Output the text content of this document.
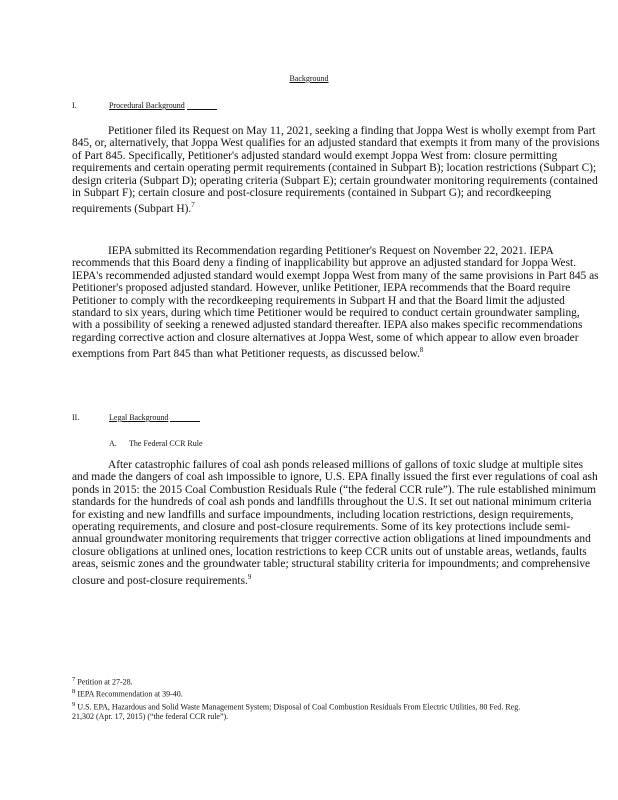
Background
I.	Procedural Background

Petitioner filed its Request on May 11, 2021, seeking a finding that Joppa West is wholly exempt from Part 845, or, alternatively, that Joppa West qualifies for an adjusted standard that exempts it from many of the provisions of Part 845. Specifically, Petitioner's adjusted standard would exempt Joppa West from: closure permitting requirements and certain operating permit requirements (contained in Subpart B); location restrictions (Subpart C); design criteria (Subpart D); operating criteria (Subpart E); certain groundwater monitoring requirements (contained in Subpart F); certain closure and post-closure requirements (contained in Subpart G); and recordkeeping requirements (Subpart H).$^7$

IEPA submitted its Recommendation regarding Petitioner's Request on November 22, 2021. IEPA recommends that this Board deny a finding of inapplicability but approve an adjusted standard for Joppa West. IEPA's recommended adjusted standard would exempt Joppa West from many of the same provisions in Part 845 as Petitioner's proposed adjusted standard. However, unlike Petitioner, IEPA recommends that the Board require Petitioner to comply with the recordkeeping requirements in Subpart H and that the Board limit the adjusted standard to six years, during which time Petitioner would be required to conduct certain groundwater sampling, with a possibility of seeking a renewed adjusted standard thereafter. IEPA also makes specific recommendations regarding corrective action and closure alternatives at Joppa West, some of which appear to allow even broader exemptions from Part 845 than what Petitioner requests, as discussed below.$^8$

II.	Legal Background
A. The Federal CCR Rule

After catastrophic failures of coal ash ponds released millions of gallons of toxic sludge at multiple sites and made the dangers of coal ash impossible to ignore, U.S. EPA finally issued the first ever regulations of coal ash ponds in 2015: the 2015 Coal Combustion Residuals Rule (“the federal CCR rule”). The rule established minimum standards for the hundreds of coal ash ponds and landfills throughout the U.S. It set out national minimum criteria for existing and new landfills and surface impoundments, including location restrictions, design requirements, operating requirements, and closure and post-closure requirements. Some of its key protections include semi-annual groundwater monitoring requirements that trigger corrective action obligations at lined impoundments and closure obligations at unlined ones, location restrictions to keep CCR units out of unstable areas, wetlands, faults areas, seismic zones and the groundwater table; structural stability criteria for impoundments; and comprehensive closure and post-closure requirements.$^9$

$^7$ Petition at 27-28.

$^8$ IEPA Recommendation at 39-40.

$^9$ U.S. EPA, Hazardous and Solid Waste Management System; Disposal of Coal Combustion Residuals From Electric Utilities, 80 Fed. Reg. 21,302 (Apr. 17, 2015) (“the federal CCR rule”).
